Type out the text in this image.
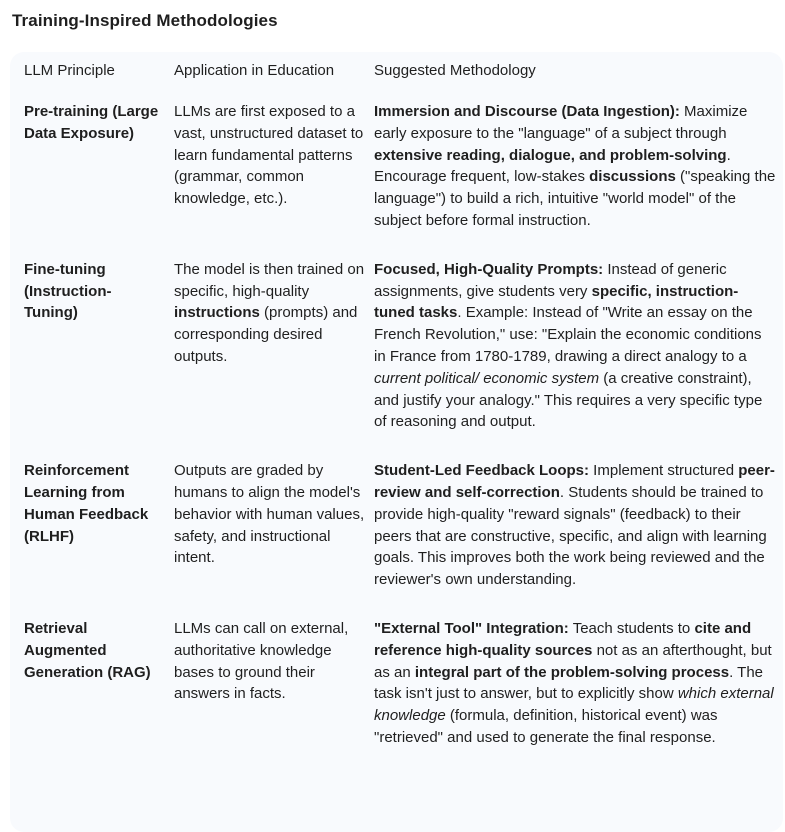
Training-Inspired Methodologies
LLM Principle	Application in Education	Suggested Methodology
Pre-training (Large Data Exposure)	LLMs are first exposed to a vast, unstructured dataset to learn fundamental patterns (grammar, common knowledge, etc.).	Immersion and Discourse (Data Ingestion): Maximize early exposure to the "language" of a subject through extensive reading, dialogue, and problem-solving. Encourage frequent, low-stakes discussions ("speaking the language") to build a rich, intuitive "world model" of the subject before formal instruction.
Fine-tuning (Instruction-Tuning)	The model is then trained on specific, high-quality instructions (prompts) and corresponding desired outputs.	Focused, High-Quality Prompts: Instead of generic assignments, give students very specific, instruction-tuned tasks. Example: Instead of "Write an essay on the French Revolution," use: "Explain the economic conditions in France from 1780-1789, drawing a direct analogy to a current political/ economic system (a creative constraint), and justify your analogy." This requires a very specific type of reasoning and output.
Reinforcement Learning from Human Feedback (RLHF)	Outputs are graded by humans to align the model's behavior with human values, safety, and instructional intent.	Student-Led Feedback Loops: Implement structured peer-review and self-correction. Students should be trained to provide high-quality "reward signals" (feedback) to their peers that are constructive, specific, and align with learning goals. This improves both the work being reviewed and the reviewer's own understanding.
Retrieval Augmented Generation (RAG)	LLMs can call on external, authoritative knowledge bases to ground their answers in facts.	"External Tool" Integration: Teach students to cite and reference high-quality sources not as an afterthought, but as an integral part of the problem-solving process. The task isn't just to answer, but to explicitly show which external knowledge (formula, definition, historical event) was "retrieved" and used to generate the final response.
